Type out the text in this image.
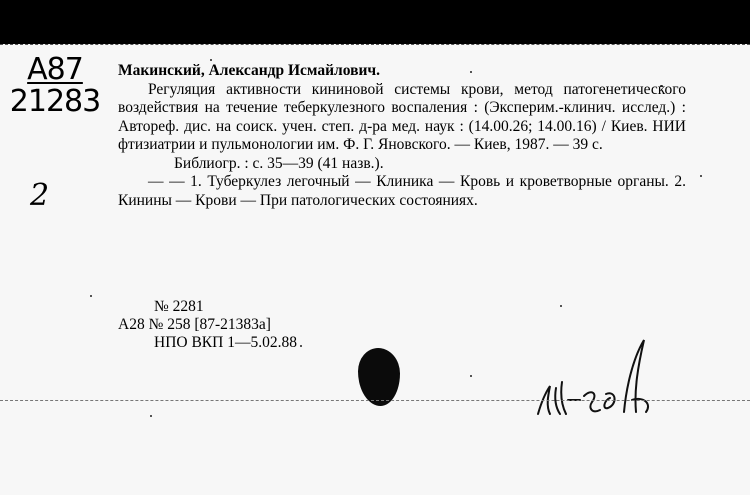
А87
21283
2
Макинский, Александр Исмайлович.
Регуляция активности кининовой системы крови, метод патогенетического воздействия на течение теберкулезного воспаления : (Эксперим.-клинич. исслед.) : Автореф. дис. на соиск. учен. степ. д-ра мед. наук : (14.00.26; 14.00.16) / Киев. НИИ фтизиатрии и пульмонологии им. Ф. Г. Яновского. — Киев, 1987. — 39 с.
Библиогр. : с. 35—39 (41 назв.).
— — 1. Туберкулез легочный — Клиника — Кровь и кроветворные органы. 2. Кинины — Крови — При патологических состояниях.
№ 2281
А28 № 258 [87-21383а]
НПО ВКП 1—5.02.88
